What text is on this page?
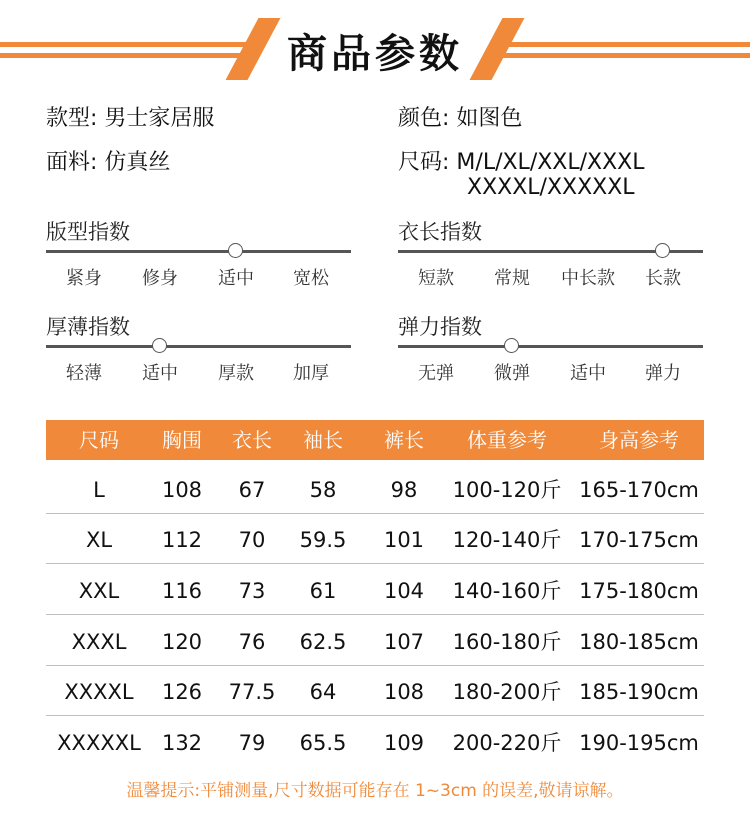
商品参数
款型: 男士家居服	颜色: 如图色
面料: 仿真丝	尺码: M/L/XL/XXL/XXXL
XXXXL/XXXXXL
版型指数
紧身	修身	适中	宽松
衣长指数
短款	常规	中长款	长款
厚薄指数
轻薄	适中	厚款	加厚
弹力指数
无弹	微弹	适中	弹力
尺码	胸围	衣长	袖长	裤长	体重参考	身高参考
L	108	67	58	98	100-120斤 165-170cm
XL	112	70	59.5	101	120-140斤 170-175cm
XXL	116	73	61	104	140-160斤 175-180cm
XXXL	120	76	62.5	107	160-180斤 180-185cm
XXXXL	126	77.5	64	108	180-200斤 185-190cm
XXXXXL	132	79	65.5	109	200-220斤 190-195cm
温馨提示:平铺测量,尺寸数据可能存在 1~3cm 的误差,敬请谅解。
